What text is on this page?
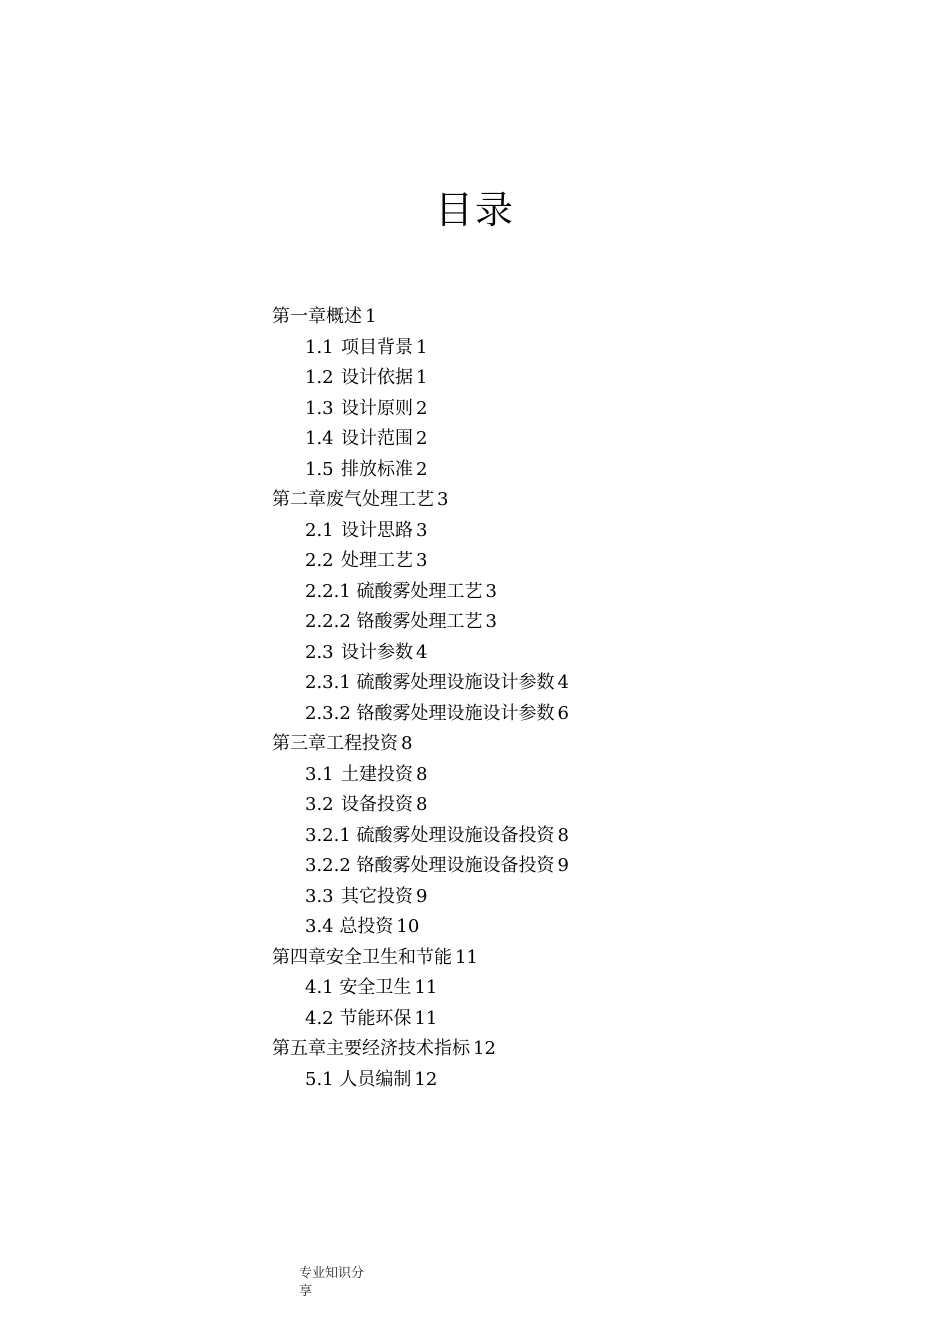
目录
第一章概述 1
1.1 项目背景 1
1.2 设计依据 1
1.3 设计原则 2
1.4 设计范围 2
1.5 排放标准 2
第二章废气处理工艺 3
2.1 设计思路 3
2.2 处理工艺 3
2.2.1 硫酸雾处理工艺 3
2.2.2 铬酸雾处理工艺 3
2.3 设计参数 4
2.3.1 硫酸雾处理设施设计参数 4
2.3.2 铬酸雾处理设施设计参数 6
第三章工程投资 8
3.1 土建投资 8
3.2 设备投资 8
3.2.1 硫酸雾处理设施设备投资 8
3.2.2 铬酸雾处理设施设备投资 9
3.3 其它投资 9
3.4 总投资 10
第四章安全卫生和节能 11
4.1 安全卫生 11
4.2 节能环保 11
第五章主要经济技术指标 12
5.1 人员编制 12
专业知识分
享
